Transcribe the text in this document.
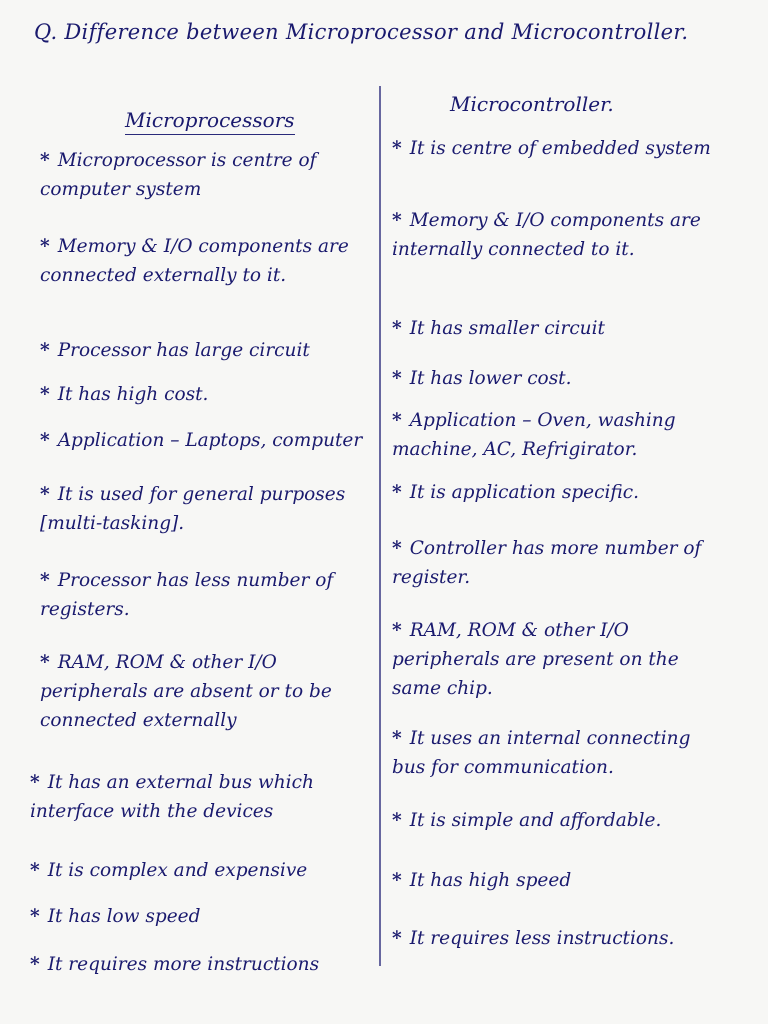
Q. Difference between Microprocessor and Microcontroller.
Microprocessors
Microcontroller.
* Microprocessor is centre of computer system
* Memory & I/O components are connected externally to it.
* Processor has large circuit
* It has high cost.
* Application – Laptops, computer
* It is used for general purposes [multi-tasking].
* Processor has less number of registers.
* RAM, ROM & other I/O peripherals are absent or to be connected externally
* It has an external bus which interface with the devices
* It is complex and expensive
* It has low speed
* It requires more instructions
* It is centre of embedded system
* Memory & I/O components are internally connected to it.
* It has smaller circuit
* It has lower cost.
* Application – Oven, washing machine, AC, Refrigirator.
* It is application specific.
* Controller has more number of register.
* RAM, ROM & other I/O peripherals are present on the same chip.
* It uses an internal connecting bus for communication.
* It is simple and affordable.
* It has high speed
* It requires less instructions.
